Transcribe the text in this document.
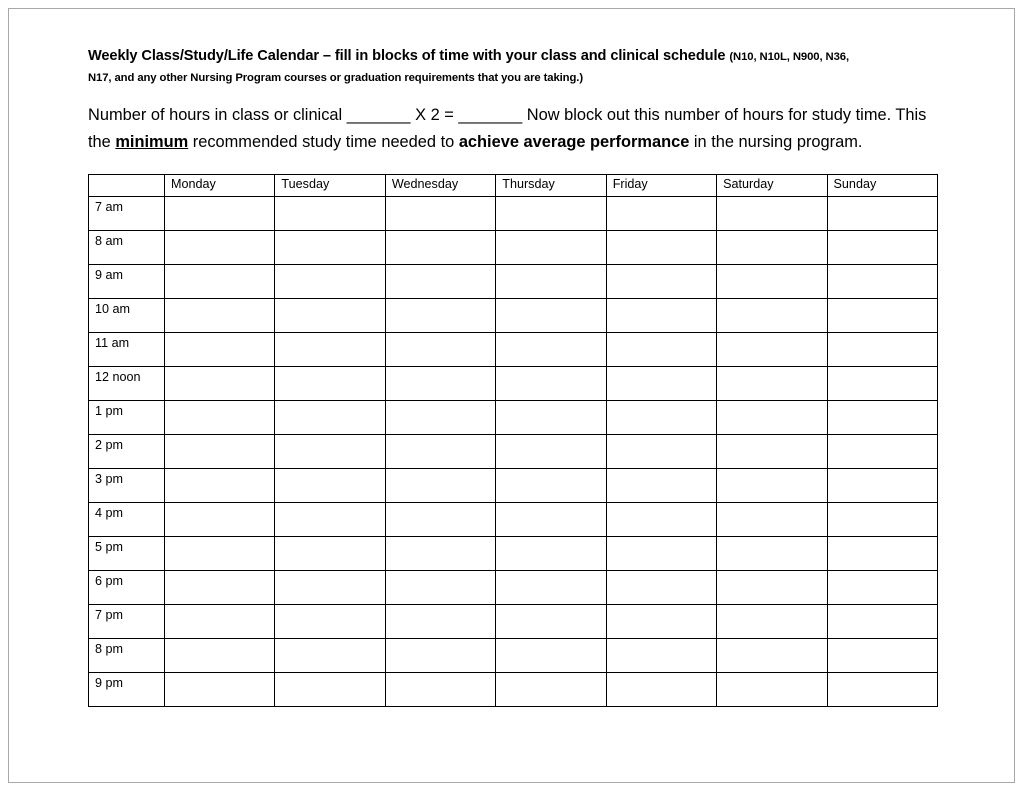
Weekly Class/Study/Life Calendar – fill in blocks of time with your class and clinical schedule (N10, N10L, N900, N36,
N17, and any other Nursing Program courses or graduation requirements that you are taking.)

Number of hours in class or clinical _______ X 2 = _______ Now block out this number of hours for study time. This the minimum recommended study time needed to achieve average performance in the nursing program.

	Monday	Tuesday	Wednesday	Thursday	Friday	Saturday	Sunday
7 am							
8 am							
9 am							
10 am							
11 am							
12 noon							
1 pm							
2 pm							
3 pm							
4 pm							
5 pm							
6 pm							
7 pm							
8 pm							
9 pm							
